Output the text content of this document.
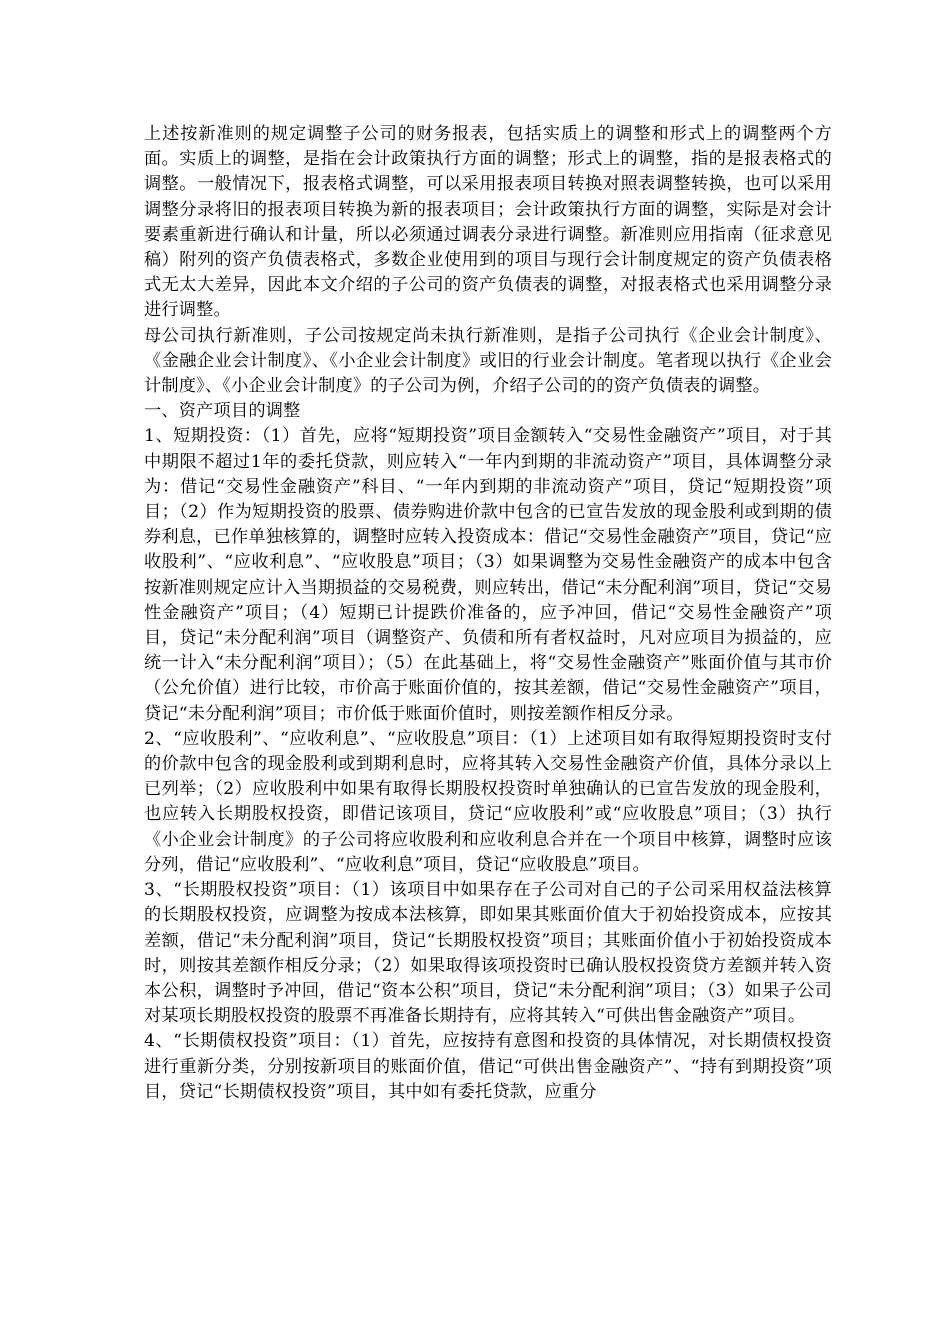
上述按新准则的规定调整子公司的财务报表，包括实质上的调整和形式上的调整两个方面。实质上的调整，是指在会计政策执行方面的调整；形式上的调整，指的是报表格式的调整。一般情况下，报表格式调整，可以采用报表项目转换对照表调整转换，也可以采用调整分录将旧的报表项目转换为新的报表项目；会计政策执行方面的调整，实际是对会计要素重新进行确认和计量，所以必须通过调表分录进行调整。新准则应用指南（征求意见稿）附列的资产负债表格式，多数企业使用到的项目与现行会计制度规定的资产负债表格式无太大差异，因此本文介绍的子公司的资产负债表的调整，对报表格式也采用调整分录进行调整。

母公司执行新准则，子公司按规定尚未执行新准则，是指子公司执行《企业会计制度》、《金融企业会计制度》、《小企业会计制度》或旧的行业会计制度。笔者现以执行《企业会计制度》、《小企业会计制度》的子公司为例，介绍子公司的的资产负债表的调整。

一、资产项目的调整

1、短期投资：（1）首先，应将“短期投资”项目金额转入“交易性金融资产”项目，对于其中期限不超过1年的委托贷款，则应转入“一年内到期的非流动资产”项目，具体调整分录为：借记“交易性金融资产”科目、“一年内到期的非流动资产”项目，贷记“短期投资”项目；（2）作为短期投资的股票、债券购进价款中包含的已宣告发放的现金股利或到期的债券利息，已作单独核算的，调整时应转入投资成本：借记“交易性金融资产”项目，贷记“应收股利”、“应收利息”、“应收股息”项目；（3）如果调整为交易性金融资产的成本中包含按新准则规定应计入当期损益的交易税费，则应转出，借记“未分配利润”项目，贷记“交易性金融资产”项目；（4）短期已计提跌价准备的，应予冲回，借记“交易性金融资产”项目，贷记“未分配利润”项目（调整资产、负债和所有者权益时，凡对应项目为损益的，应统一计入“未分配利润”项目）；（5）在此基础上，将“交易性金融资产”账面价值与其市价（公允价值）进行比较，市价高于账面价值的，按其差额，借记“交易性金融资产”项目，贷记“未分配利润”项目；市价低于账面价值时，则按差额作相反分录。

2、“应收股利”、“应收利息”、“应收股息”项目：（1）上述项目如有取得短期投资时支付的价款中包含的现金股利或到期利息时，应将其转入交易性金融资产价值，具体分录以上已列举；（2）应收股利中如果有取得长期股权投资时单独确认的已宣告发放的现金股利，也应转入长期股权投资，即借记该项目，贷记“应收股利”或“应收股息”项目；（3）执行《小企业会计制度》的子公司将应收股利和应收利息合并在一个项目中核算，调整时应该分列，借记“应收股利”、“应收利息”项目，贷记“应收股息”项目。

3、“长期股权投资”项目：（1）该项目中如果存在子公司对自己的子公司采用权益法核算的长期股权投资，应调整为按成本法核算，即如果其账面价值大于初始投资成本，应按其差额，借记“未分配利润”项目，贷记“长期股权投资”项目；其账面价值小于初始投资成本时，则按其差额作相反分录；（2）如果取得该项投资时已确认股权投资贷方差额并转入资本公积，调整时予冲回，借记“资本公积”项目，贷记“未分配利润”项目；（3）如果子公司对某项长期股权投资的股票不再准备长期持有，应将其转入“可供出售金融资产”项目。

4、“长期债权投资”项目：（1）首先，应按持有意图和投资的具体情况，对长期债权投资进行重新分类，分别按新项目的账面价值，借记“可供出售金融资产”、“持有到期投资”项目，贷记“长期债权投资”项目，其中如有委托贷款，应重分
